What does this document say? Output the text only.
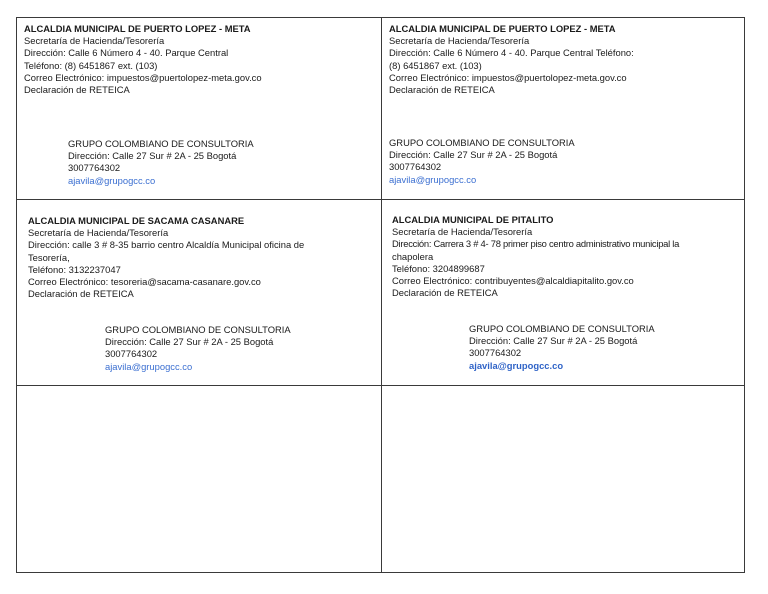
ALCALDIA MUNICIPAL DE PUERTO LOPEZ - META

Secretaría de Hacienda/Tesorería

Dirección: Calle 6 Número 4 - 40. Parque Central

Teléfono: (8) 6451867 ext. (103)

Correo Electrónico: impuestos@puertolopez-meta.gov.co

Declaración de RETEICA

GRUPO COLOMBIANO DE CONSULTORIA

Dirección: Calle 27 Sur # 2A - 25 Bogotá

3007764302

ajavila@grupogcc.co

ALCALDIA MUNICIPAL DE PUERTO LOPEZ - META

Secretaría de Hacienda/Tesorería

Dirección: Calle 6 Número 4 - 40. Parque Central Teléfono:

(8) 6451867 ext. (103)

Correo Electrónico: impuestos@puertolopez-meta.gov.co

Declaración de RETEICA

GRUPO COLOMBIANO DE CONSULTORIA

Dirección: Calle 27 Sur # 2A - 25 Bogotá

3007764302

ajavila@grupogcc.co

ALCALDIA MUNICIPAL DE SACAMA CASANARE

Secretaría de Hacienda/Tesorería

Dirección: calle 3 # 8-35 barrio centro Alcaldía Municipal oficina de

Tesorería,

Teléfono: 3132237047

Correo Electrónico: tesoreria@sacama-casanare.gov.co

Declaración de RETEICA

GRUPO COLOMBIANO DE CONSULTORIA

Dirección: Calle 27 Sur # 2A - 25 Bogotá

3007764302

ajavila@grupogcc.co

ALCALDIA MUNICIPAL DE PITALITO

Secretaría de Hacienda/Tesorería

Dirección: Carrera 3 # 4- 78 primer piso centro administrativo municipal la

chapolera

Teléfono: 3204899687

Correo Electrónico: contribuyentes@alcaldiapitalito.gov.co

Declaración de RETEICA

GRUPO COLOMBIANO DE CONSULTORIA

Dirección: Calle 27 Sur # 2A - 25 Bogotá

3007764302

ajavila@grupogcc.co
